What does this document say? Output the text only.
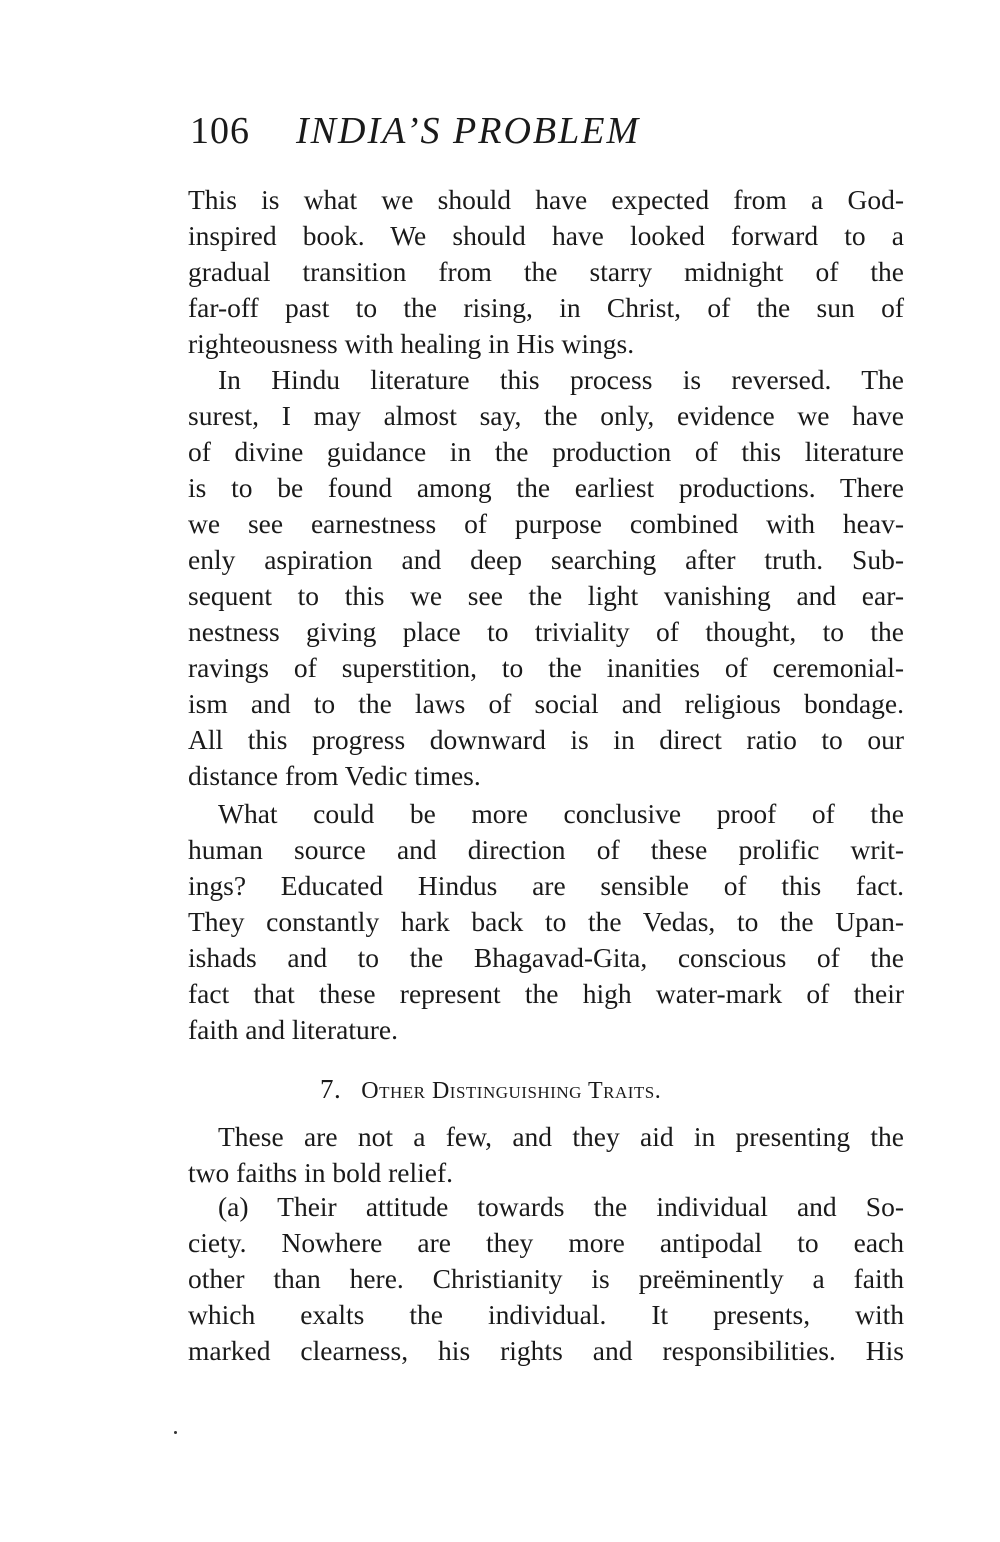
106 INDIA’S PROBLEM
This is what we should have expected from a God-
inspired book. We should have looked forward to a
gradual transition from the starry midnight of the
far-off past to the rising, in Christ, of the sun of
righteousness with healing in His wings.
In Hindu literature this process is reversed. The
surest, I may almost say, the only, evidence we have
of divine guidance in the production of this literature
is to be found among the earliest productions. There
we see earnestness of purpose combined with heav-
enly aspiration and deep searching after truth. Sub-
sequent to this we see the light vanishing and ear-
nestness giving place to triviality of thought, to the
ravings of superstition, to the inanities of ceremonial-
ism and to the laws of social and religious bondage.
All this progress downward is in direct ratio to our
distance from Vedic times.
What could be more conclusive proof of the
human source and direction of these prolific writ-
ings? Educated Hindus are sensible of this fact.
They constantly hark back to the Vedas, to the Upan-
ishads and to the Bhagavad-Gita, conscious of the
fact that these represent the high water-mark of their
faith and literature.
7. Other Distinguishing Traits.
These are not a few, and they aid in presenting the
two faiths in bold relief.
(a) Their attitude towards the individual and So-
ciety. Nowhere are they more antipodal to each
other than here. Christianity is preëminently a faith
which exalts the individual. It presents, with
marked clearness, his rights and responsibilities. His
